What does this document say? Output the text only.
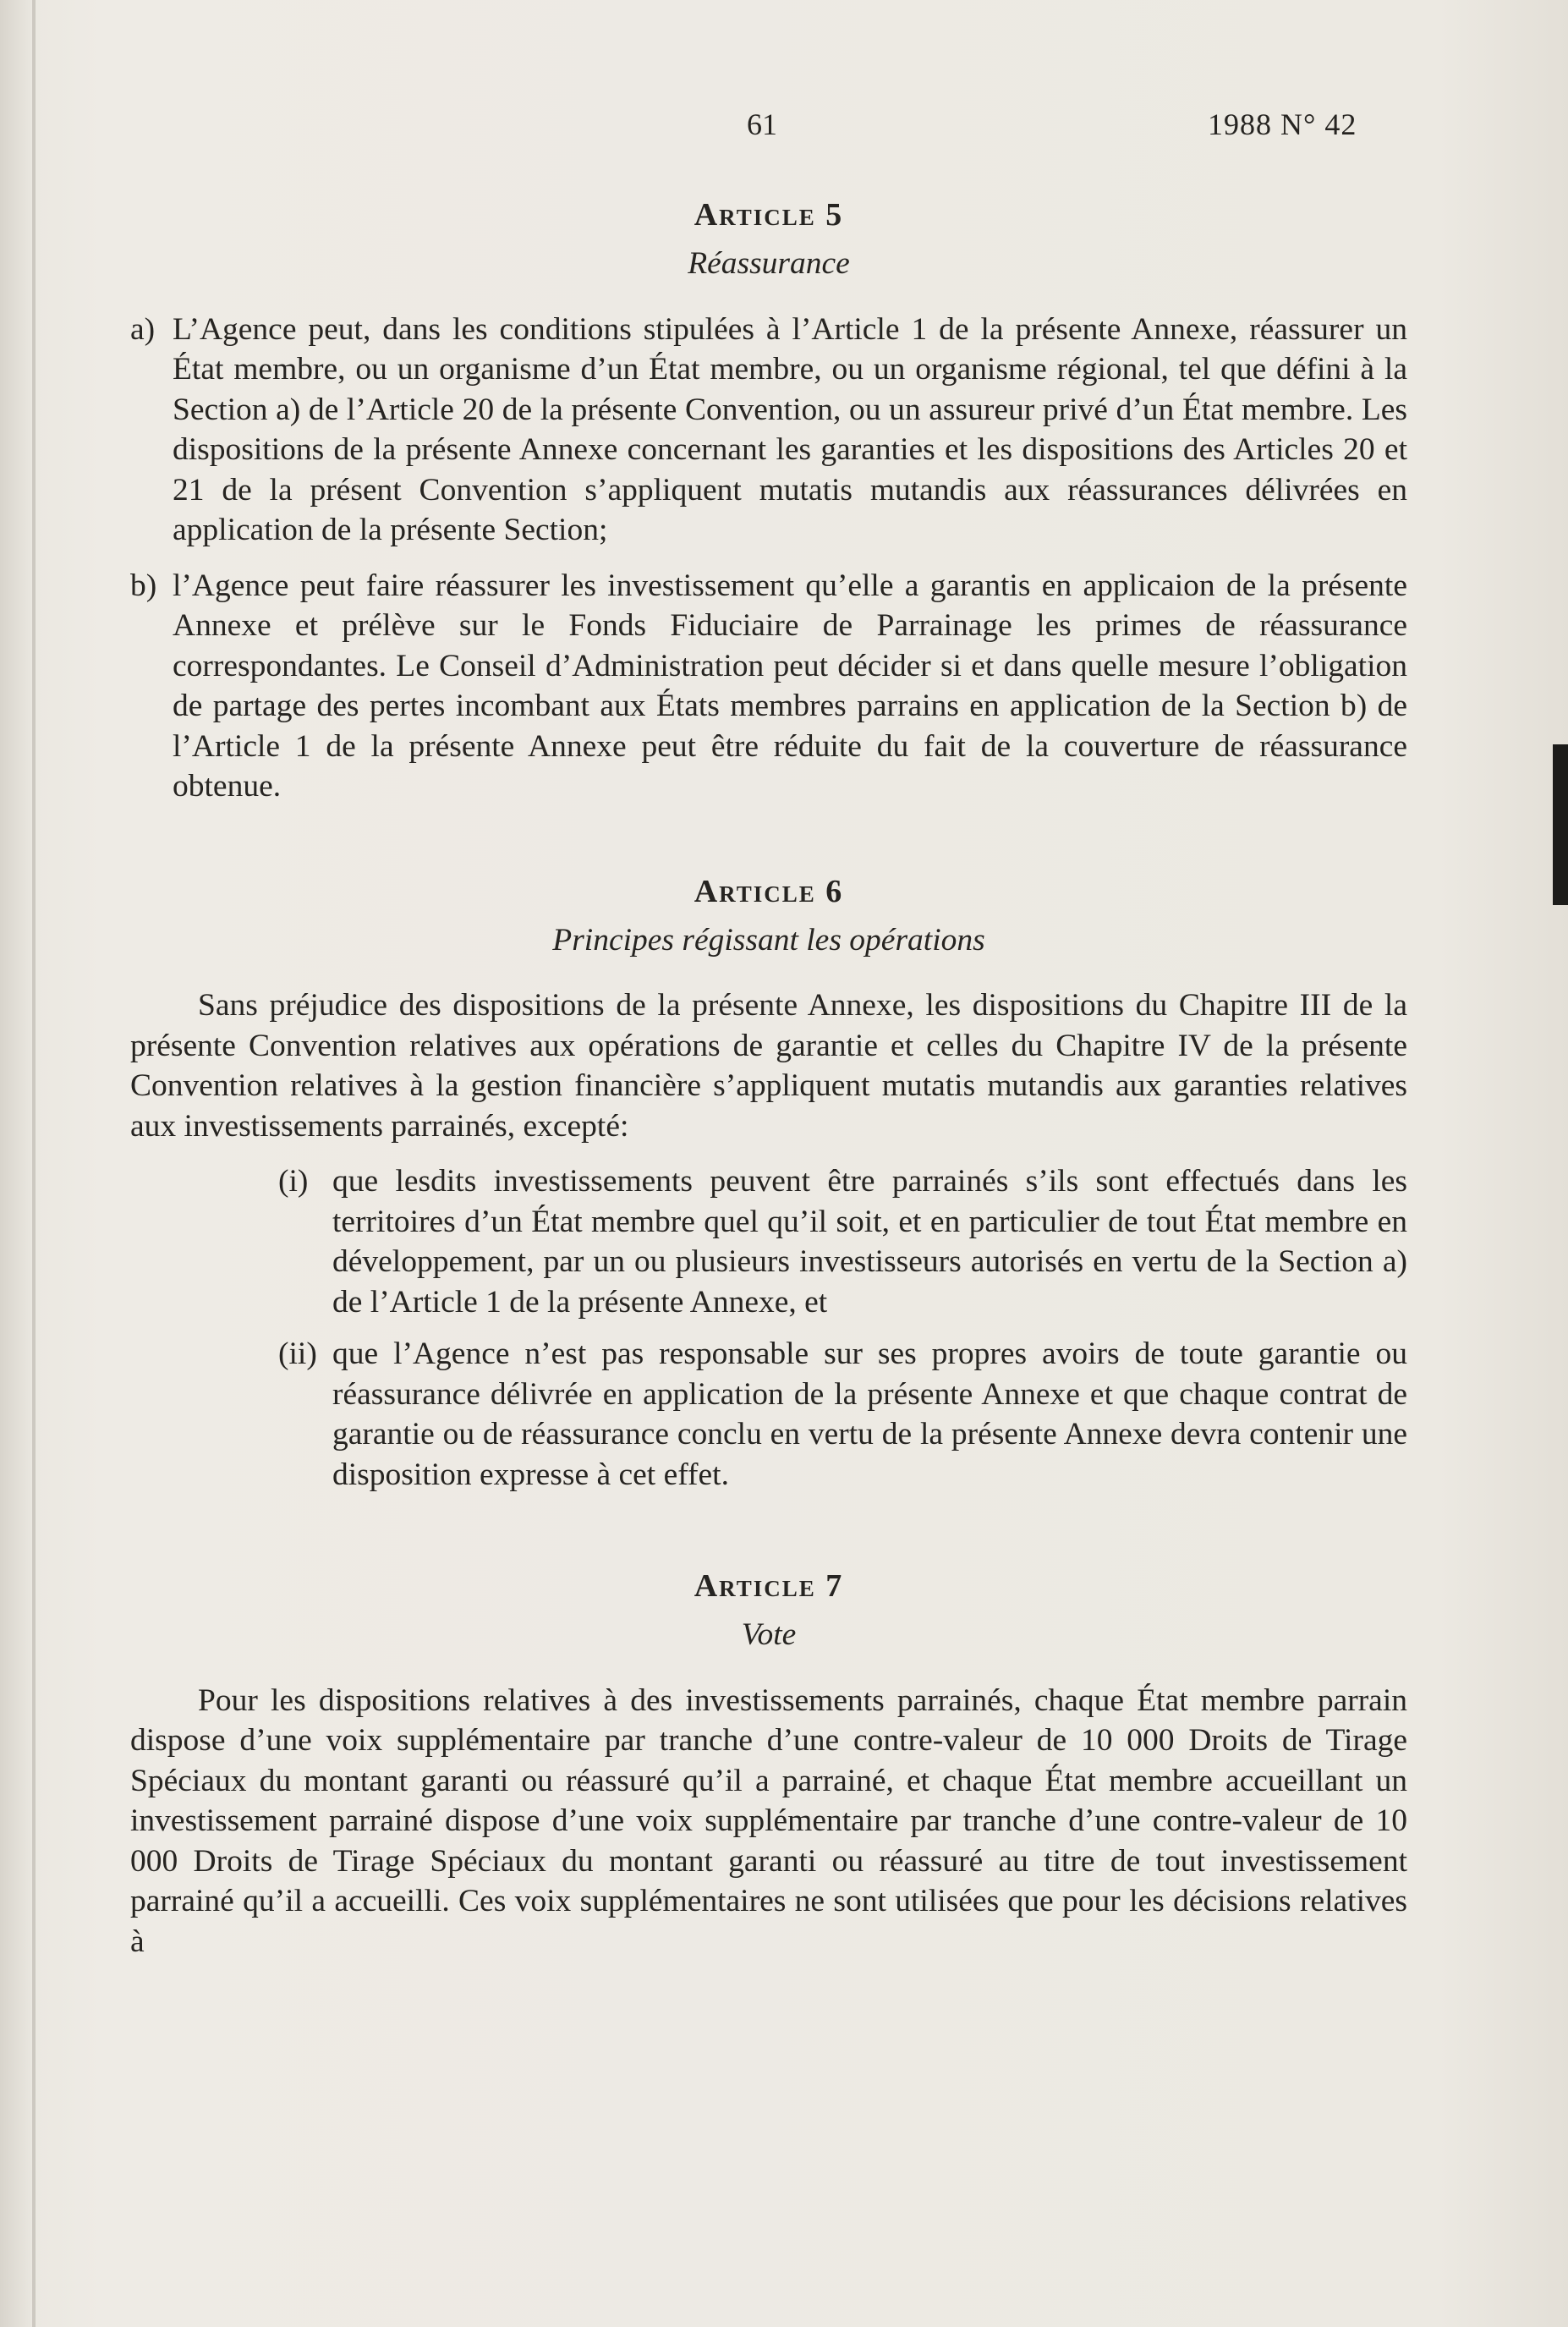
61	1988 N° 42
Article 5
Réassurance
a) L’Agence peut, dans les conditions stipulées à l’Article 1 de la présente Annexe, réassurer un État membre, ou un organisme d’un État membre, ou un organisme régional, tel que défini à la Section a) de l’Article 20 de la présente Convention, ou un assureur privé d’un État membre. Les dispositions de la présente Annexe concernant les garanties et les dispositions des Articles 20 et 21 de la présent Convention s’appliquent mutatis mutandis aux réassurances délivrées en application de la présente Section;
b) l’Agence peut faire réassurer les investissement qu’elle a garantis en applicaion de la présente Annexe et prélève sur le Fonds Fiduciaire de Parrainage les primes de réassurance correspondantes. Le Conseil d’Administration peut décider si et dans quelle mesure l’obligation de partage des pertes incombant aux États membres parrains en application de la Section b) de l’Article 1 de la présente Annexe peut être réduite du fait de la couverture de réassurance obtenue.
Article 6
Principes régissant les opérations

Sans préjudice des dispositions de la présente Annexe, les dispositions du Chapitre III de la présente Convention relatives aux opérations de garantie et celles du Chapitre IV de la présente Convention relatives à la gestion financière s’appliquent mutatis mutandis aux garanties relatives aux investissements parrainés, excepté:

(i) que lesdits investissements peuvent être parrainés s’ils sont effectués dans les territoires d’un État membre quel qu’il soit, et en particulier de tout État membre en développement, par un ou plusieurs investisseurs autorisés en vertu de la Section a) de l’Article 1 de la présente Annexe, et
(ii) que l’Agence n’est pas responsable sur ses propres avoirs de toute garantie ou réassurance délivrée en application de la présente Annexe et que chaque contrat de garantie ou de réassurance conclu en vertu de la présente Annexe devra contenir une disposition expresse à cet effet.
Article 7
Vote

Pour les dispositions relatives à des investissements parrainés, chaque État membre parrain dispose d’une voix supplémentaire par tranche d’une contre-valeur de 10 000 Droits de Tirage Spéciaux du montant garanti ou réassuré qu’il a parrainé, et chaque État membre accueillant un investissement parrainé dispose d’une voix supplémentaire par tranche d’une contre-valeur de 10 000 Droits de Tirage Spéciaux du montant garanti ou réassuré au titre de tout investissement parrainé qu’il a accueilli. Ces voix supplémentaires ne sont utilisées que pour les décisions relatives à
